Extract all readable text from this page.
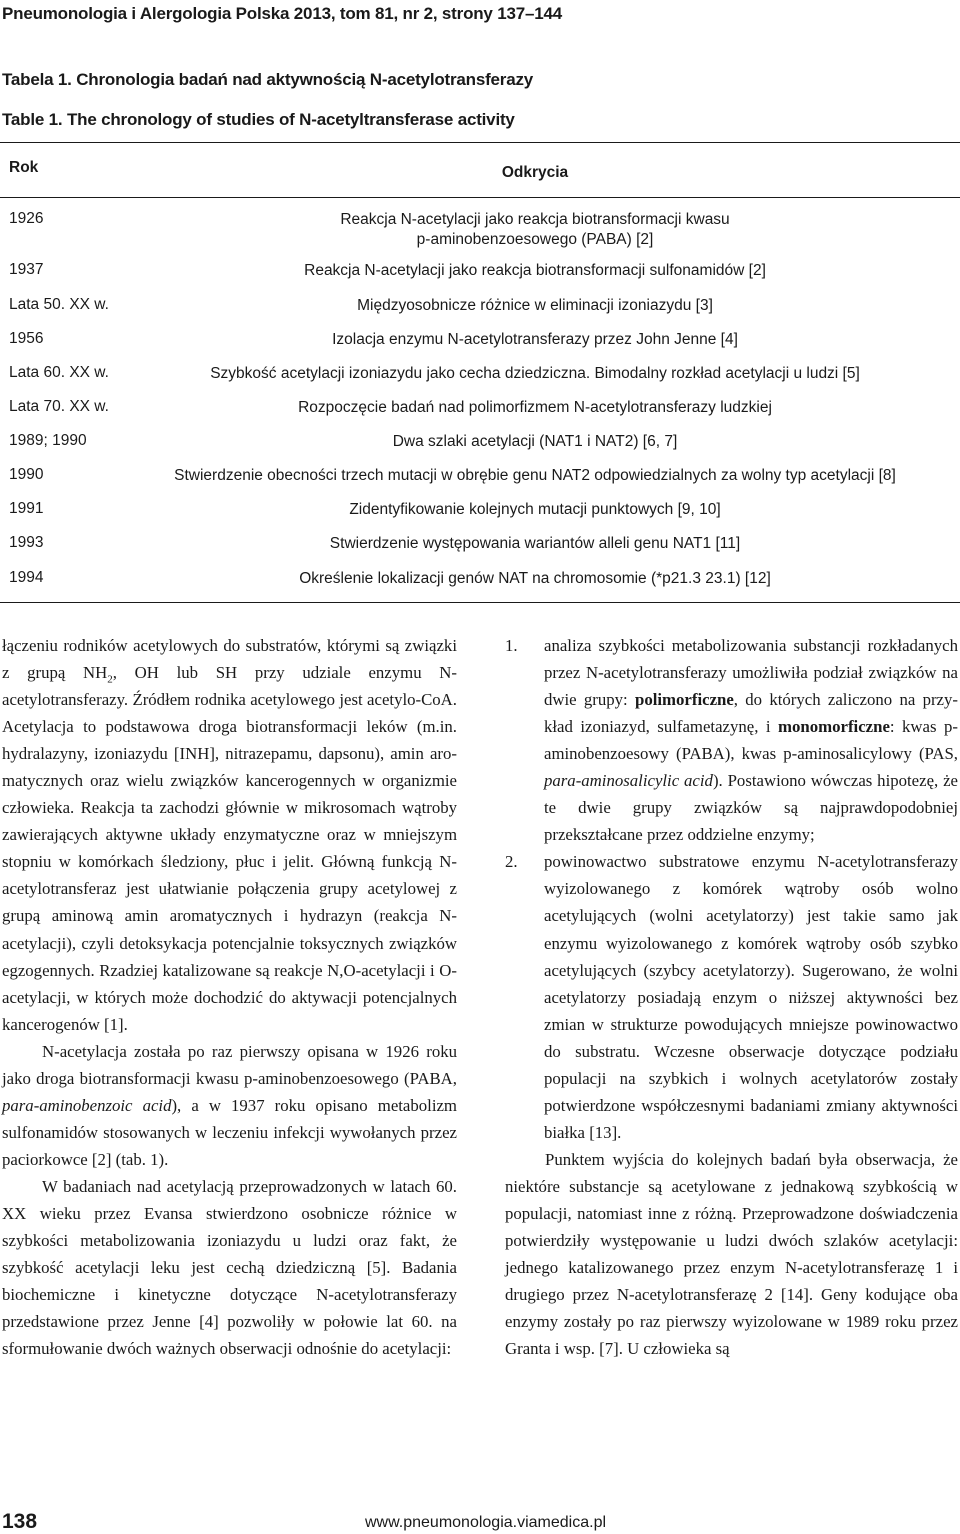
Pneumonologia i Alergologia Polska 2013, tom 81, nr 2, strony 137–144
Tabela 1. Chronologia badań nad aktywnością N-acetylotransferazy
Table 1. The chronology of studies of N-acetyltransferase activity
Rok	Odkrycia
1926	Reakcja N-acetylacji jako reakcja biotransformacji kwasu
p-aminobenzoesowego (PABA) [2]
1937	Reakcja N-acetylacji jako reakcja biotransformacji sulfonamidów [2]
Lata 50. XX w.	Międzyosobnicze różnice w eliminacji izoniazydu [3]
1956	Izolacja enzymu N-acetylotransferazy przez John Jenne [4]
Lata 60. XX w.	Szybkość acetylacji izoniazydu jako cecha dziedziczna. Bimodalny rozkład acetylacji u ludzi [5]
Lata 70. XX w.	Rozpoczęcie badań nad polimorfizmem N-acetylotransferazy ludzkiej
1989; 1990	Dwa szlaki acetylacji (NAT1 i NAT2) [6, 7]
1990	Stwierdzenie obecności trzech mutacji w obrębie genu NAT2 odpowiedzialnych za wolny typ acetylacji [8]
1991	Zidentyfikowanie kolejnych mutacji punktowych [9, 10]
1993	Stwierdzenie występowania wariantów alleli genu NAT1 [11]
1994	Określenie lokalizacji genów NAT na chromosomie (*p21.3 23.1) [12]

łączeniu rodników acetylowych do substratów, którymi są związki z grupą $NH_2$, OH lub SH przy udziale enzymu N-acetylotransferazy. Źródłem rodnika acetylowego jest acetylo-CoA. Acetylacja to podstawowa droga biotransformacji leków (m.in. hydralazyny, izoniazydu [INH], nitrazepamu, dapsonu), amin aromatycznych oraz wielu związków kancerogennych w organizmie człowieka. Reakcja ta zachodzi głównie w mikrosomach wątroby zawierających aktywne układy enzymatyczne oraz w mniejszym stopniu w komórkach śledziony, płuc i jelit. Główną funkcją N-acetylotransferaz jest ułatwianie połączenia grupy acetylowej z grupą aminową amin aromatycznych i hydrazyn (reakcja N-acetylacji), czyli detoksykacja potencjalnie toksycznych związków egzogennych. Rzadziej katalizowane są reakcje N,O-acetylacji i O-acetylacji, w których może dochodzić do aktywacji potencjalnych kancerogenów [1].

N-acetylacja została po raz pierwszy opisana w 1926 roku jako droga biotransformacji kwasu p-aminobenzoesowego (PABA, para-aminobenzoic acid), a w 1937 roku opisano metabolizm sulfonamidów stosowanych w leczeniu infekcji wywołanych przez paciorkowce [2] (tab. 1).

W badaniach nad acetylacją przeprowadzonych w latach 60. XX wieku przez Evansa stwierdzono osobnicze różnice w szybkości metabolizowania izoniazydu u ludzi oraz fakt, że szybkość acetylacji leku jest cechą dziedziczną [5]. Badania biochemiczne i kinetyczne dotyczące N-acetylotransferazy przedstawione przez Jenne [4] pozwoliły w połowie lat 60. na sformułowanie dwóch ważnych obserwacji odnośnie do acetylacji:

1. analiza szybkości metabolizowania substancji rozkładanych przez N-acetylotransferazy umożliwiła podział związków na dwie grupy: polimorficzne, do których zaliczono na przykład izoniazyd, sulfametazynę, i monomorficzne: kwas p-aminobenzoesowy (PABA), kwas p-aminosalicylowy (PAS, para-aminosalicylic acid). Postawiono wówczas hipotezę, że te dwie grupy związków są najprawdopodobniej przekształcane przez oddzielne enzymy;
2. powinowactwo substratowe enzymu N-acetylotransferazy wyizolowanego z komórek wątroby osób wolno acetylujących (wolni acetylatorzy) jest takie samo jak enzymu wyizolowanego z komórek wątroby osób szybko acetylujących (szybcy acetylatorzy). Sugerowano, że wolni acetylatorzy posiadają enzym o niższej aktywności bez zmian w strukturze powodujących mniejsze powinowactwo do substratu. Wczesne obserwacje dotyczące podziału populacji na szybkich i wolnych acetylatorów zostały potwierdzone współczesnymi badaniami zmiany aktywności białka [13].

Punktem wyjścia do kolejnych badań była obserwacja, że niektóre substancje są acetylowane z jednakową szybkością w populacji, natomiast inne z różną. Przeprowadzone doświadczenia potwierdziły występowanie u ludzi dwóch szlaków acetylacji: jednego katalizowanego przez enzym N-acetylotransferazę 1 i drugiego przez N-acetylotransferazę 2 [14]. Geny kodujące oba enzymy zostały po raz pierwszy wyizolowane w 1989 roku przez Granta i wsp. [7]. U człowieka są

138	www.pneumonologia.viamedica.pl
